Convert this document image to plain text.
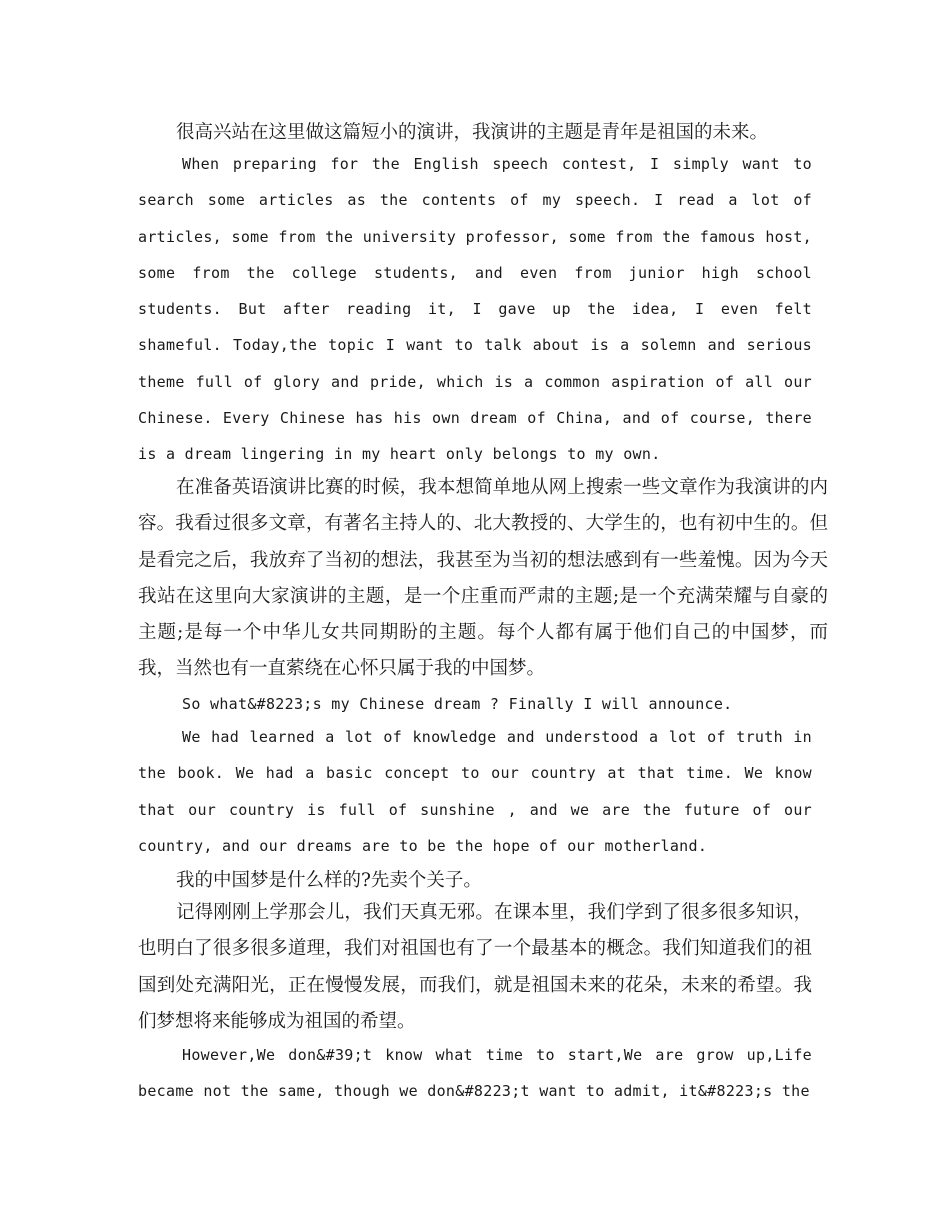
很高兴站在这里做这篇短小的演讲，我演讲的主题是青年是祖国的未来。

When preparing for the English speech contest, I simply want to search some articles as the contents of my speech. I read a lot of articles, some from the university professor, some from the famous host, some from the college students, and even from junior high school students. But after reading it, I gave up the idea, I even felt shameful. Today,the topic I want to talk about is a solemn and serious theme full of glory and pride, which is a common aspiration of all our Chinese. Every Chinese has his own dream of China, and of course, there is a dream lingering in my heart only belongs to my own.

在准备英语演讲比赛的时候，我本想简单地从网上搜索一些文章作为我演讲的内容。我看过很多文章，有著名主持人的、北大教授的、大学生的，也有初中生的。但是看完之后，我放弃了当初的想法，我甚至为当初的想法感到有一些羞愧。因为今天我站在这里向大家演讲的主题，是一个庄重而严肃的主题;是一个充满荣耀与自豪的主题;是每一个中华儿女共同期盼的主题。每个人都有属于他们自己的中国梦，而我，当然也有一直萦绕在心怀只属于我的中国梦。

So what&#8223;s my Chinese dream ? Finally I will announce.

We had learned a lot of knowledge and understood a lot of truth in the book. We had a basic concept to our country at that time. We know that our country is full of sunshine , and we are the future of our country, and our dreams are to be the hope of our motherland.

我的中国梦是什么样的?先卖个关子。

记得刚刚上学那会儿，我们天真无邪。在课本里，我们学到了很多很多知识，也明白了很多很多道理，我们对祖国也有了一个最基本的概念。我们知道我们的祖国到处充满阳光，正在慢慢发展，而我们，就是祖国未来的花朵，未来的希望。我们梦想将来能够成为祖国的希望。

However,We don&#39;t know what time to start,We are grow up,Life became not the same, though we don&#8223;t want to admit, it&#8223;s the
